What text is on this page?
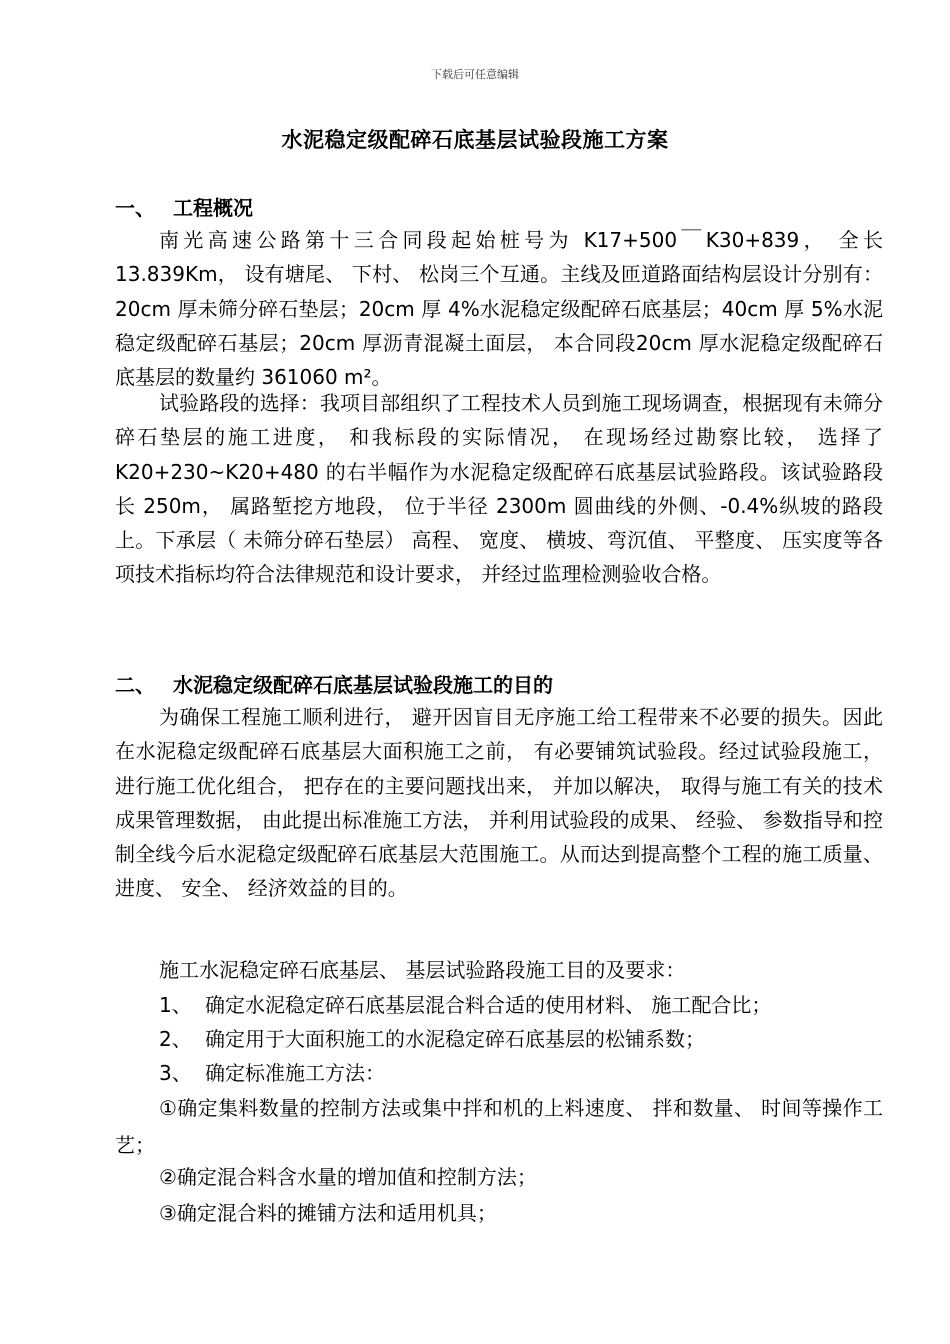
下载后可任意编辑
水泥稳定级配碎石底基层试验段施工方案
一、 工程概况
南光高速公路第十三合同段起始桩号为 K17+500￣K30+839， 全长13.839Km， 设有塘尾、 下村、 松岗三个互通。主线及匝道路面结构层设计分别有：20cm 厚未筛分碎石垫层；20cm 厚 4%水泥稳定级配碎石底基层；40cm 厚 5%水泥稳定级配碎石基层；20cm 厚沥青混凝土面层， 本合同段20cm 厚水泥稳定级配碎石底基层的数量约 361060 m²。
试验路段的选择：我项目部组织了工程技术人员到施工现场调查，根据现有未筛分碎石垫层的施工进度， 和我标段的实际情况， 在现场经过勘察比较， 选择了 K20+230~K20+480 的右半幅作为水泥稳定级配碎石底基层试验路段。该试验路段长 250m， 属路堑挖方地段， 位于半径 2300m 圆曲线的外侧、-0.4%纵坡的路段上。下承层（ 未筛分碎石垫层） 高程、 宽度、 横坡、弯沉值、 平整度、 压实度等各项技术指标均符合法律规范和设计要求， 并经过监理检测验收合格。
二、 水泥稳定级配碎石底基层试验段施工的目的
为确保工程施工顺利进行， 避开因盲目无序施工给工程带来不必要的损失。因此在水泥稳定级配碎石底基层大面积施工之前， 有必要铺筑试验段。经过试验段施工， 进行施工优化组合， 把存在的主要问题找出来， 并加以解决， 取得与施工有关的技术成果管理数据， 由此提出标准施工方法， 并利用试验段的成果、 经验、 参数指导和控制全线今后水泥稳定级配碎石底基层大范围施工。从而达到提高整个工程的施工质量、 进度、 安全、 经济效益的目的。
施工水泥稳定碎石底基层、 基层试验路段施工目的及要求：
1、 确定水泥稳定碎石底基层混合料合适的使用材料、 施工配合比；
2、 确定用于大面积施工的水泥稳定碎石底基层的松铺系数；
3、 确定标准施工方法：
①确定集料数量的控制方法或集中拌和机的上料速度、 拌和数量、 时间等操作工艺；
②确定混合料含水量的增加值和控制方法；
③确定混合料的摊铺方法和适用机具；
